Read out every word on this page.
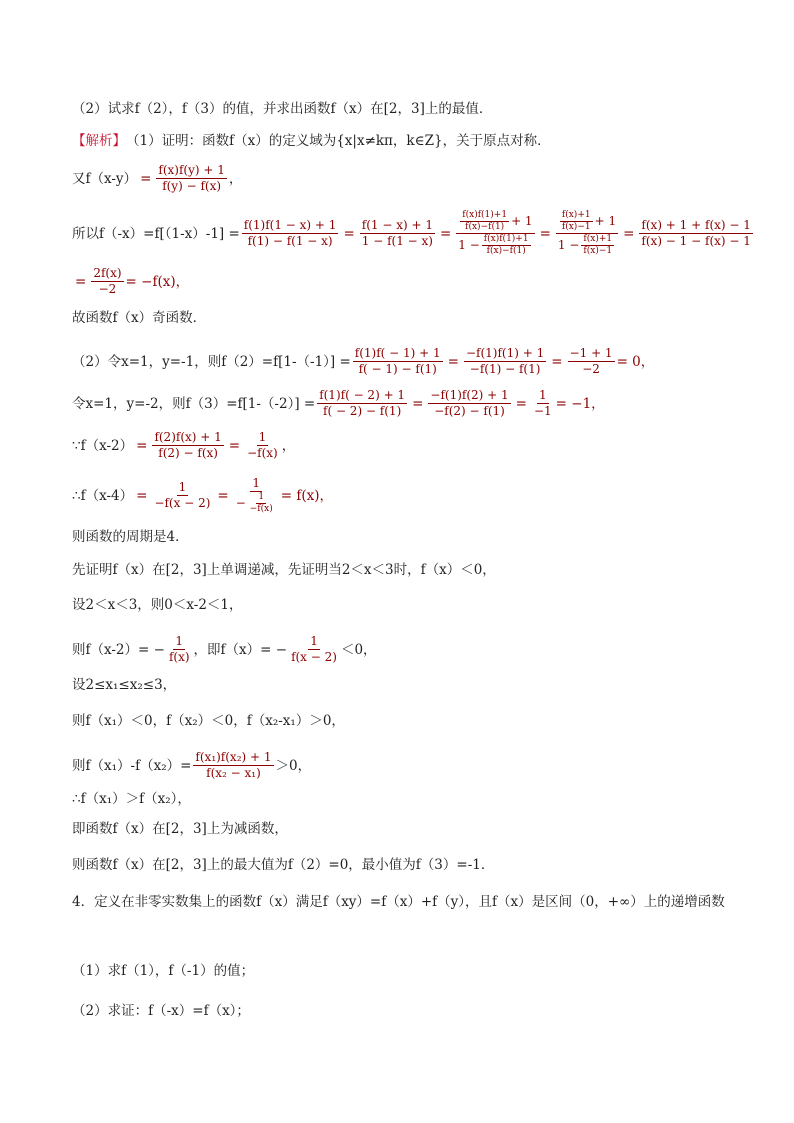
（2）试求f（2），f（3）的值，并求出函数f（x）在[2，3]上的最值．
【解析】 （1）证明：函数f（x）的定义域为{x|x≠kπ，k∈Z}，关于原点对称．
又$f(x-y) = \frac{f(x)f(y) + 1}{f(y) - f(x)}$ ，
所以$f(-x)=f[(1-x)-1] = \frac{f(1)f(1 - x) + 1}{f(1) - f(1 - x)} = \frac{f(1 - x) + 1}{1 - f(1 - x)} = \frac{\frac{f(x)f(1)+1}{f(x)-f(1)} + 1}{1 - \frac{f(x)f(1)+1}{f(x)-f(1)}} = \frac{\frac{f(x)+1}{f(x)-1} + 1}{1 - \frac{f(x)+1}{f(x)-1}} = \frac{f(x) + 1 + f(x) - 1}{f(x) - 1 - f(x) - 1}$
= $\frac{2f(x)}{-2} = -f(x)$，
故函数f（x）奇函数．
（2）令x=1，y=-1，则$f(2)=f[1-(-1)] = \frac{f(1)f( - 1) + 1}{f( - 1) - f(1)} = \frac{-f(1)f(1) + 1}{-f(1) - f(1)} = \frac{-1 + 1}{-2} = 0$，
令x=1，y=-2，则$f(3)=f[1-(-2)] = \frac{f(1)f( - 2) + 1}{f( - 2) - f(1)} = \frac{-f(1)f(2) + 1}{-f(2) - f(1)} = \frac{1}{-1} = -1$，
∵f（x-2） = $\frac{f(2)f(x) + 1}{f(2) - f(x)} = \frac{1}{-f(x)}$ ，
∴f（x-4） = $\frac{1}{-f(x - 2)} = \frac{1}{- \frac{1}{-f(x)}} = f(x)$，
则函数的周期是4．
先证明f（x）在[2，3]上单调递减，先证明当2＜x＜3时，f（x）＜0，
设2＜x＜3，则0＜x-2＜1，
则$f(x-2)= - \frac{1}{f(x)}$ ，即$f(x)= - \frac{1}{f(x - 2)} <0$，
设2≤x₁≤x₂≤3，
则f（x₁）＜0，f（x₂）＜0，f（x₂-x₁）＞0，
则$f(x_1)-f(x_2)= \frac{\text{f(x₁)f(x₂) + 1}}{\text{f(x₂ − x₁)}} >0$，
∴f（x₁）＞f（x₂），
即函数f（x）在[2，3]上为减函数，
则函数f（x）在[2，3]上的最大值为f（2）=0，最小值为f（3）=-1．
4．定义在非零实数集上的函数f（x）满足f（xy）=f（x）+f（y），且f（x）是区间（0，+∞）上的递增函数
（1）求f（1），f（-1）的值；
（2）求证：f（-x）=f（x）；
